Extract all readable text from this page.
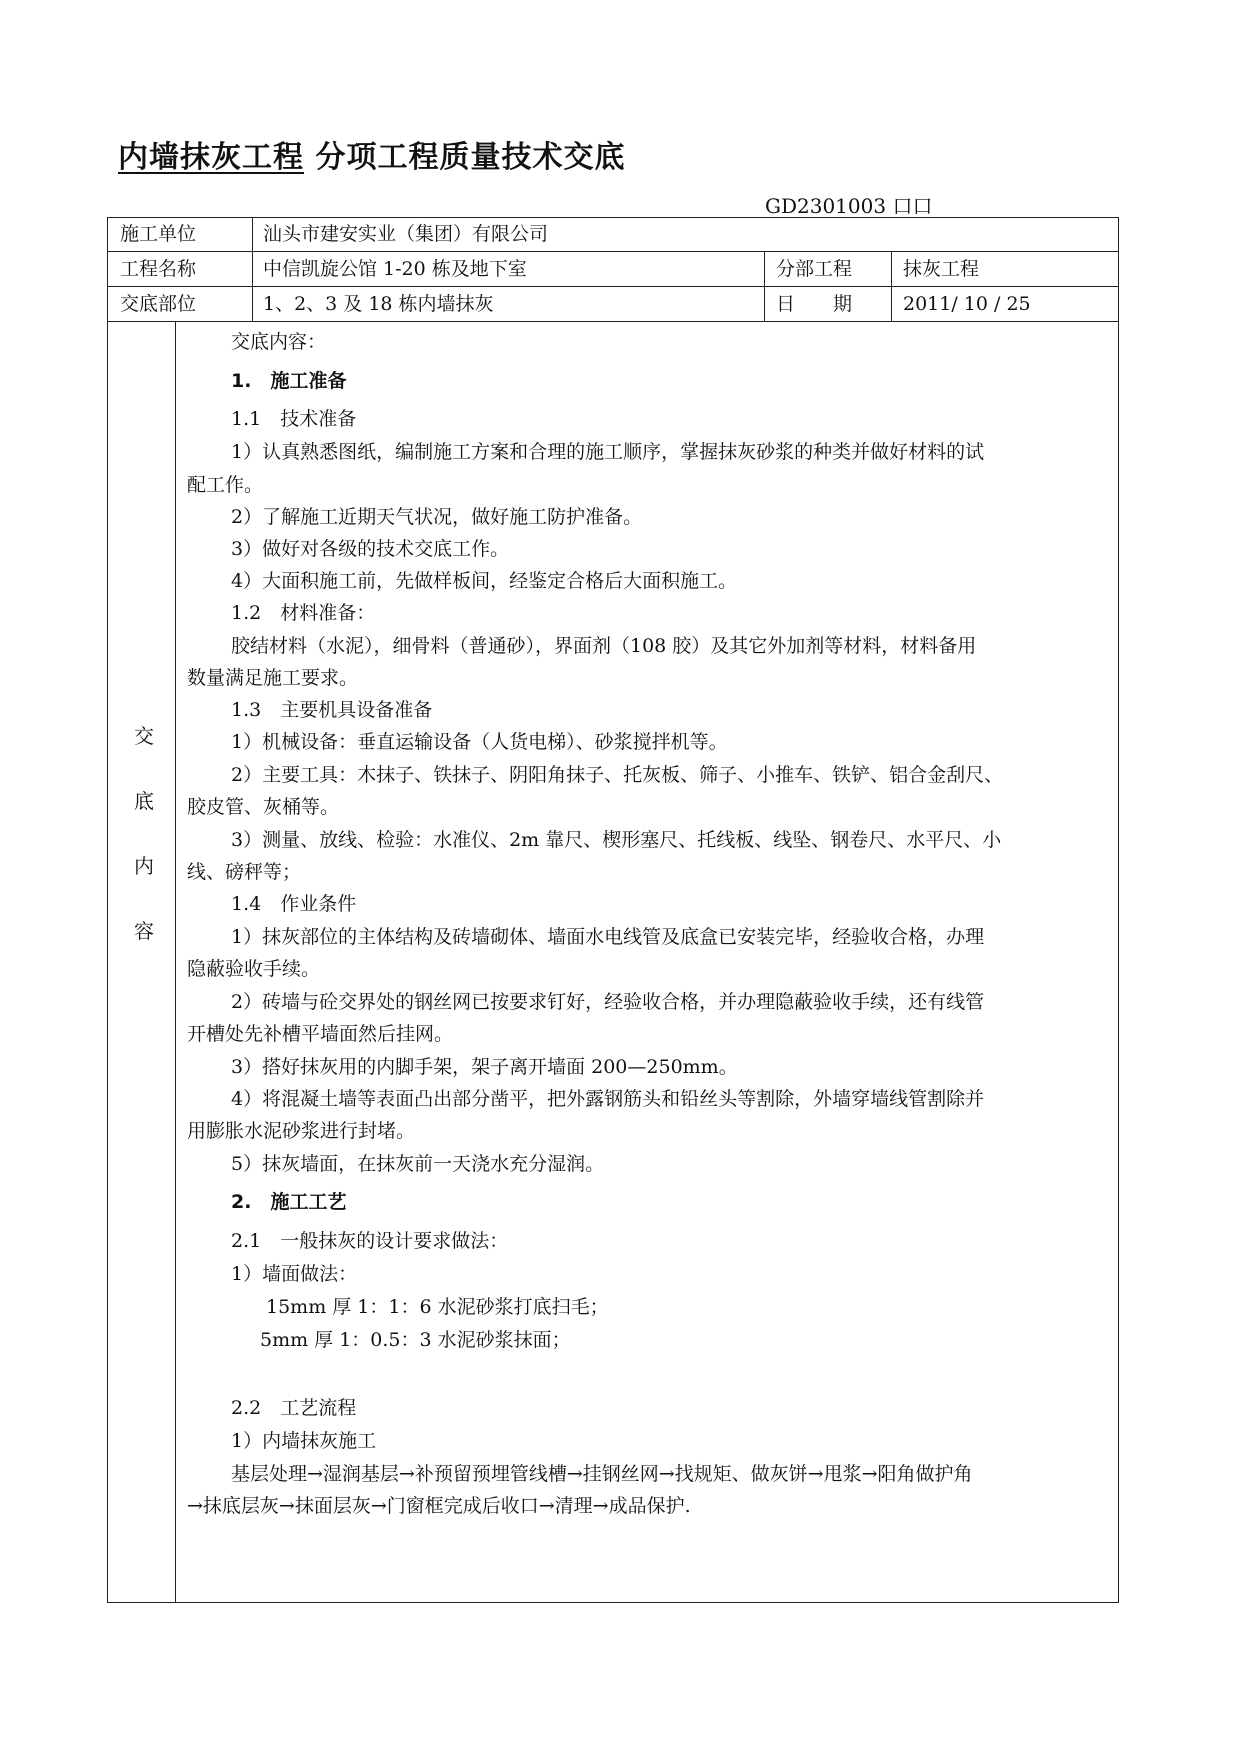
内墙抹灰工程 分项工程质量技术交底
GD2301003 口口
施工单位	汕头市建安实业（集团）有限公司
工程名称	中信凯旋公馆 1-20 栋及地下室	分部工程	抹灰工程
交底部位	1、2、3 及 18 栋内墙抹灰	日　　期	2011/ 10 / 25
交
底
内
容
交底内容：
1.　施工准备
1.1　技术准备
1）认真熟悉图纸，编制施工方案和合理的施工顺序，掌握抹灰砂浆的种类并做好材料的试
配工作。
2）了解施工近期天气状况，做好施工防护准备。
3）做好对各级的技术交底工作。
4）大面积施工前，先做样板间，经鉴定合格后大面积施工。
1.2　材料准备：
胶结材料（水泥），细骨料（普通砂），界面剂（108 胶）及其它外加剂等材料，材料备用
数量满足施工要求。
1.3　主要机具设备准备
1）机械设备：垂直运输设备（人货电梯）、砂浆搅拌机等。
2）主要工具：木抹子、铁抹子、阴阳角抹子、托灰板、筛子、小推车、铁铲、铝合金刮尺、
胶皮管、灰桶等。
3）测量、放线、检验：水准仪、2m 靠尺、楔形塞尺、托线板、线坠、钢卷尺、水平尺、小
线、磅秤等；
1.4　作业条件
1）抹灰部位的主体结构及砖墙砌体、墙面水电线管及底盒已安装完毕，经验收合格，办理
隐蔽验收手续。
2）砖墙与砼交界处的钢丝网已按要求钉好，经验收合格，并办理隐蔽验收手续，还有线管
开槽处先补槽平墙面然后挂网。
3）搭好抹灰用的内脚手架，架子离开墙面 200—250mm。
4）将混凝土墙等表面凸出部分凿平，把外露钢筋头和铅丝头等割除，外墙穿墙线管割除并
用膨胀水泥砂浆进行封堵。
5）抹灰墙面，在抹灰前一天浇水充分湿润。
2.　施工工艺
2.1　一般抹灰的设计要求做法：
1）墙面做法：
15mm 厚 1：1：6 水泥砂浆打底扫毛；
5mm 厚 1：0.5：3 水泥砂浆抹面；
2.2　工艺流程
1）内墙抹灰施工
基层处理→湿润基层→补预留预埋管线槽→挂钢丝网→找规矩、做灰饼→甩浆→阳角做护角
→抹底层灰→抹面层灰→门窗框完成后收口→清理→成品保护.
